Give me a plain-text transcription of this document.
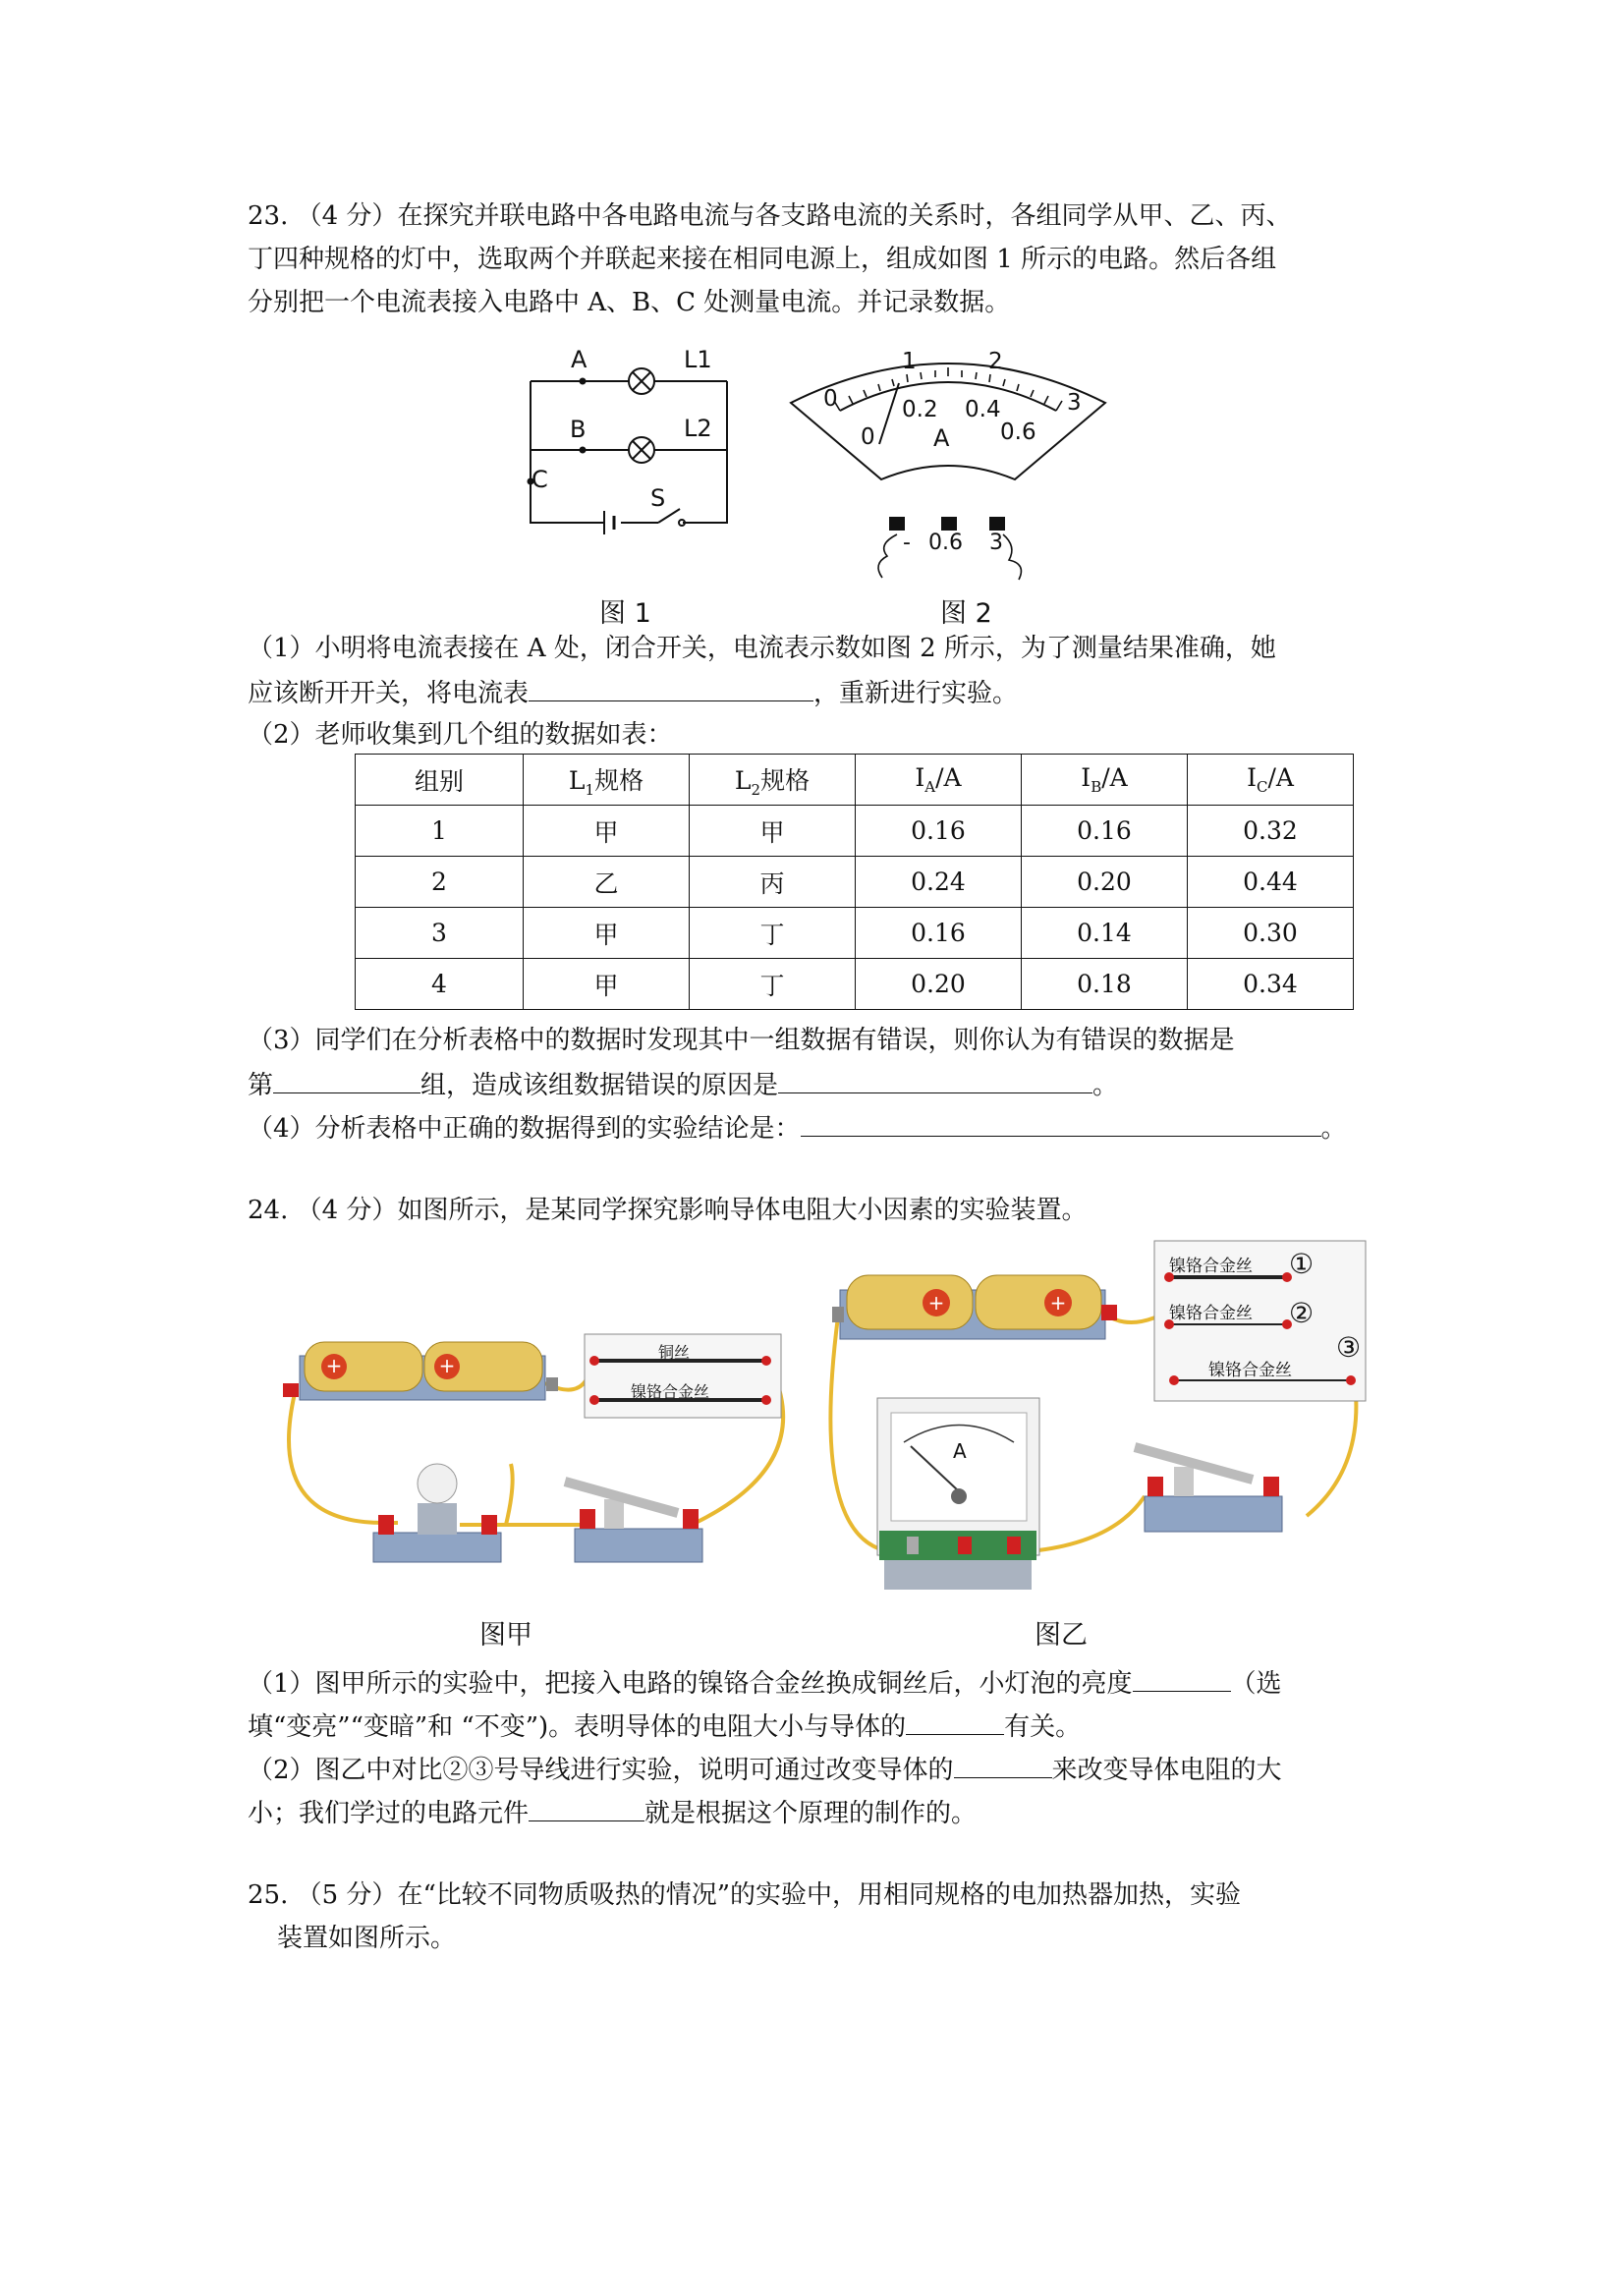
23. （4 分）在探究并联电路中各电路电流与各支路电流的关系时，各组同学从甲、乙、丙、
丁四种规格的灯中，选取两个并联起来接在相同电源上，组成如图 1 所示的电路。然后各组
分别把一个电流表接入电路中 A、B、C 处测量电流。并记录数据。
A
B
C
S
L1
L2
图 1
0
1	2
3
0
0.2 0.4
0.6
A
- 0.6 3
图 2
（1）小明将电流表接在 A 处，闭合开关，电流表示数如图 2 所示，为了测量结果准确，她
应该断开开关，将电流表	，重新进行实验。
（2）老师收集到几个组的数据如表：
组别	$L_1$规格	$L_2$规格	$I_A/A$	$I_B/A$	$I_C/A$
1	甲	甲	0.16	0.16	0.32
2	乙	丙	0.24	0.20	0.44
3	甲	丁	0.16	0.14	0.30
4	甲	丁	0.20	0.18	0.34
（3）同学们在分析表格中的数据时发现其中一组数据有错误，则你认为有错误的数据是
第	组，造成该组数据错误的原因是	。
（4）分析表格中正确的数据得到的实验结论是：	。
24. （4 分）如图所示，是某同学探究影响导体电阻大小因素的实验装置。
+	+
铜丝
镍铬合金丝
图甲
+	+
镍铬合金丝
镍铬合金丝
镍铬合金丝
①
②
③
A
图乙
（1）图甲所示的实验中，把接入电路的镍铬合金丝换成铜丝后，小灯泡的亮度	（选
填“变亮”“变暗”和 “不变”)。表明导体的电阻大小与导体的	有关。
（2）图乙中对比②③号导线进行实验，说明可通过改变导体的	来改变导体电阻的大
小；我们学过的电路元件	就是根据这个原理的制作的。
25. （5 分）在“比较不同物质吸热的情况”的实验中，用相同规格的电加热器加热，实验
装置如图所示。
